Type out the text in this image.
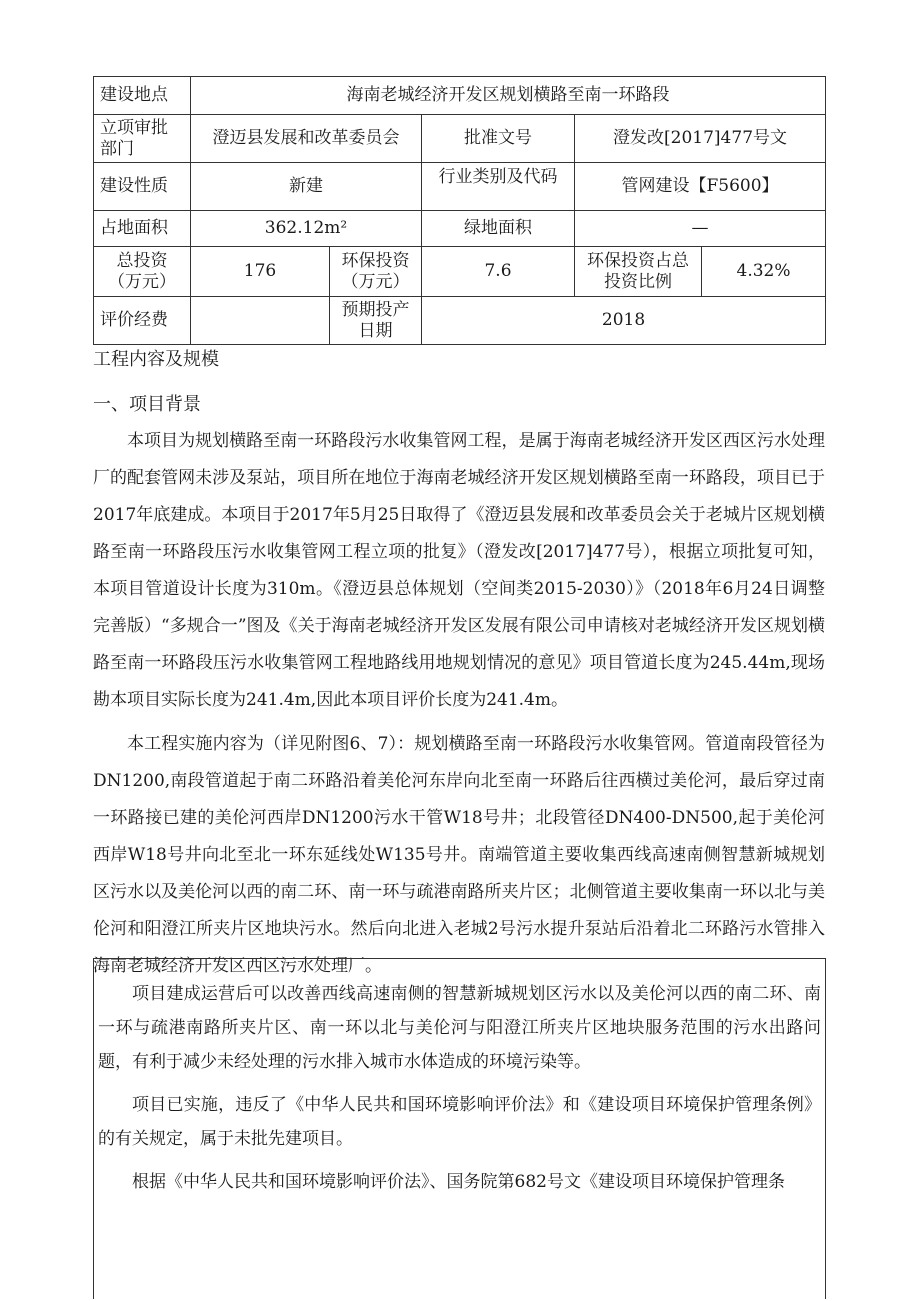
建设地点	海南老城经济开发区规划横路至南一环路段				
立项审批部门	澄迈县发展和改革委员会		批准文号	澄发改[2017]477号文	
建设性质	新建		行业类别及代码	管网建设【F5600】	
占地面积	362.12m²		绿地面积	—	
总投资（万元）	176	环保投资（万元）	7.6	环保投资占总投资比例	4.32%
评价经费		预期投产日期	2018		
工程内容及规模
一、项目背景

本项目为规划横路至南一环路段污水收集管网工程，是属于海南老城经济开发区西区污水处理厂的配套管网未涉及泵站，项目所在地位于海南老城经济开发区规划横路至南一环路段，项目已于2017年底建成。本项目于2017年5月25日取得了《澄迈县发展和改革委员会关于老城片区规划横路至南一环路段压污水收集管网工程立项的批复》（澄发改[2017]477号），根据立项批复可知，本项目管道设计长度为310m。《澄迈县总体规划（空间类2015-2030）》（2018年6月24日调整完善版）“多规合一”图及《关于海南老城经济开发区发展有限公司申请核对老城经济开发区规划横路至南一环路段压污水收集管网工程地路线用地规划情况的意见》项目管道长度为245.44m,现场勘本项目实际长度为241.4m,因此本项目评价长度为241.4m。

本工程实施内容为（详见附图6、7）：规划横路至南一环路段污水收集管网。管道南段管径为DN1200,南段管道起于南二环路沿着美伦河东岸向北至南一环路后往西横过美伦河，最后穿过南一环路接已建的美伦河西岸DN1200污水干管W18号井；北段管径DN400-DN500,起于美伦河西岸W18号井向北至北一环东延线处W135号井。南端管道主要收集西线高速南侧智慧新城规划区污水以及美伦河以西的南二环、南一环与疏港南路所夹片区；北侧管道主要收集南一环以北与美伦河和阳澄江所夹片区地块污水。然后向北进入老城2号污水提升泵站后沿着北二环路污水管排入海南老城经济开发区西区污水处理厂。

项目建成运营后可以改善西线高速南侧的智慧新城规划区污水以及美伦河以西的南二环、南一环与疏港南路所夹片区、南一环以北与美伦河与阳澄江所夹片区地块服务范围的污水出路问题，有利于减少未经处理的污水排入城市水体造成的环境污染等。

项目已实施，违反了《中华人民共和国环境影响评价法》和《建设项目环境保护管理条例》的有关规定，属于未批先建项目。

根据《中华人民共和国环境影响评价法》、国务院第682号文《建设项目环境保护管理条
